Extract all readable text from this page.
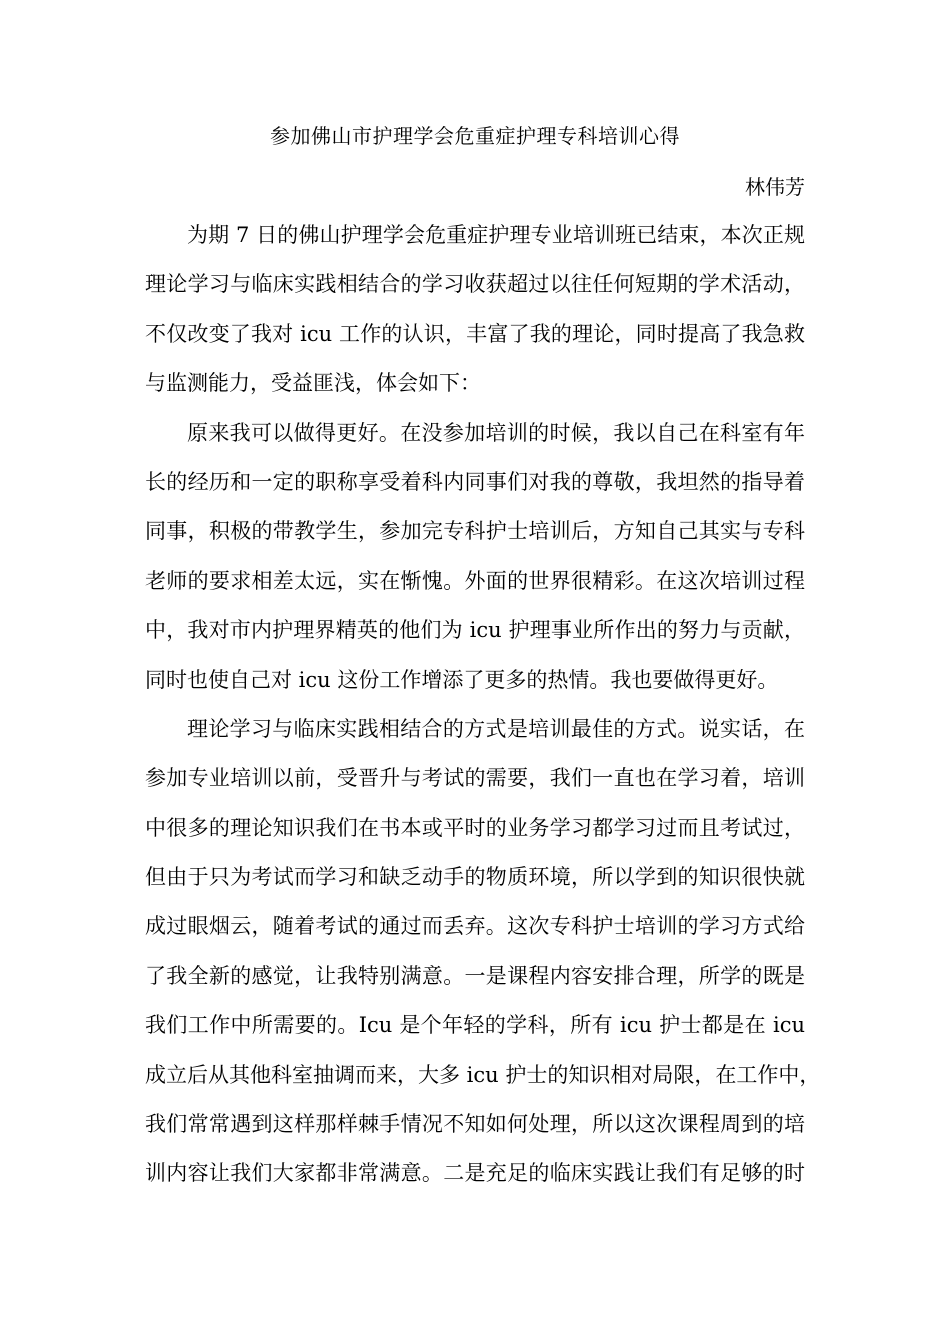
参加佛山市护理学会危重症护理专科培训心得
林伟芳
为期 7 日的佛山护理学会危重症护理专业培训班已结束，本次正规
理论学习与临床实践相结合的学习收获超过以往任何短期的学术活动，
不仅改变了我对 icu 工作的认识，丰富了我的理论，同时提高了我急救
与监测能力，受益匪浅，体会如下：
原来我可以做得更好。在没参加培训的时候，我以自己在科室有年
长的经历和一定的职称享受着科内同事们对我的尊敬，我坦然的指导着
同事，积极的带教学生，参加完专科护士培训后，方知自己其实与专科
老师的要求相差太远，实在惭愧。外面的世界很精彩。在这次培训过程
中，我对市内护理界精英的他们为 icu 护理事业所作出的努力与贡献，
同时也使自己对 icu 这份工作增添了更多的热情。我也要做得更好。
理论学习与临床实践相结合的方式是培训最佳的方式。说实话，在
参加专业培训以前，受晋升与考试的需要，我们一直也在学习着，培训
中很多的理论知识我们在书本或平时的业务学习都学习过而且考试过，
但由于只为考试而学习和缺乏动手的物质环境，所以学到的知识很快就
成过眼烟云，随着考试的通过而丢弃。这次专科护士培训的学习方式给
了我全新的感觉，让我特别满意。一是课程内容安排合理，所学的既是
我们工作中所需要的。Icu 是个年轻的学科，所有 icu 护士都是在 icu
成立后从其他科室抽调而来，大多 icu 护士的知识相对局限，在工作中，
我们常常遇到这样那样棘手情况不知如何处理，所以这次课程周到的培
训内容让我们大家都非常满意。二是充足的临床实践让我们有足够的时
